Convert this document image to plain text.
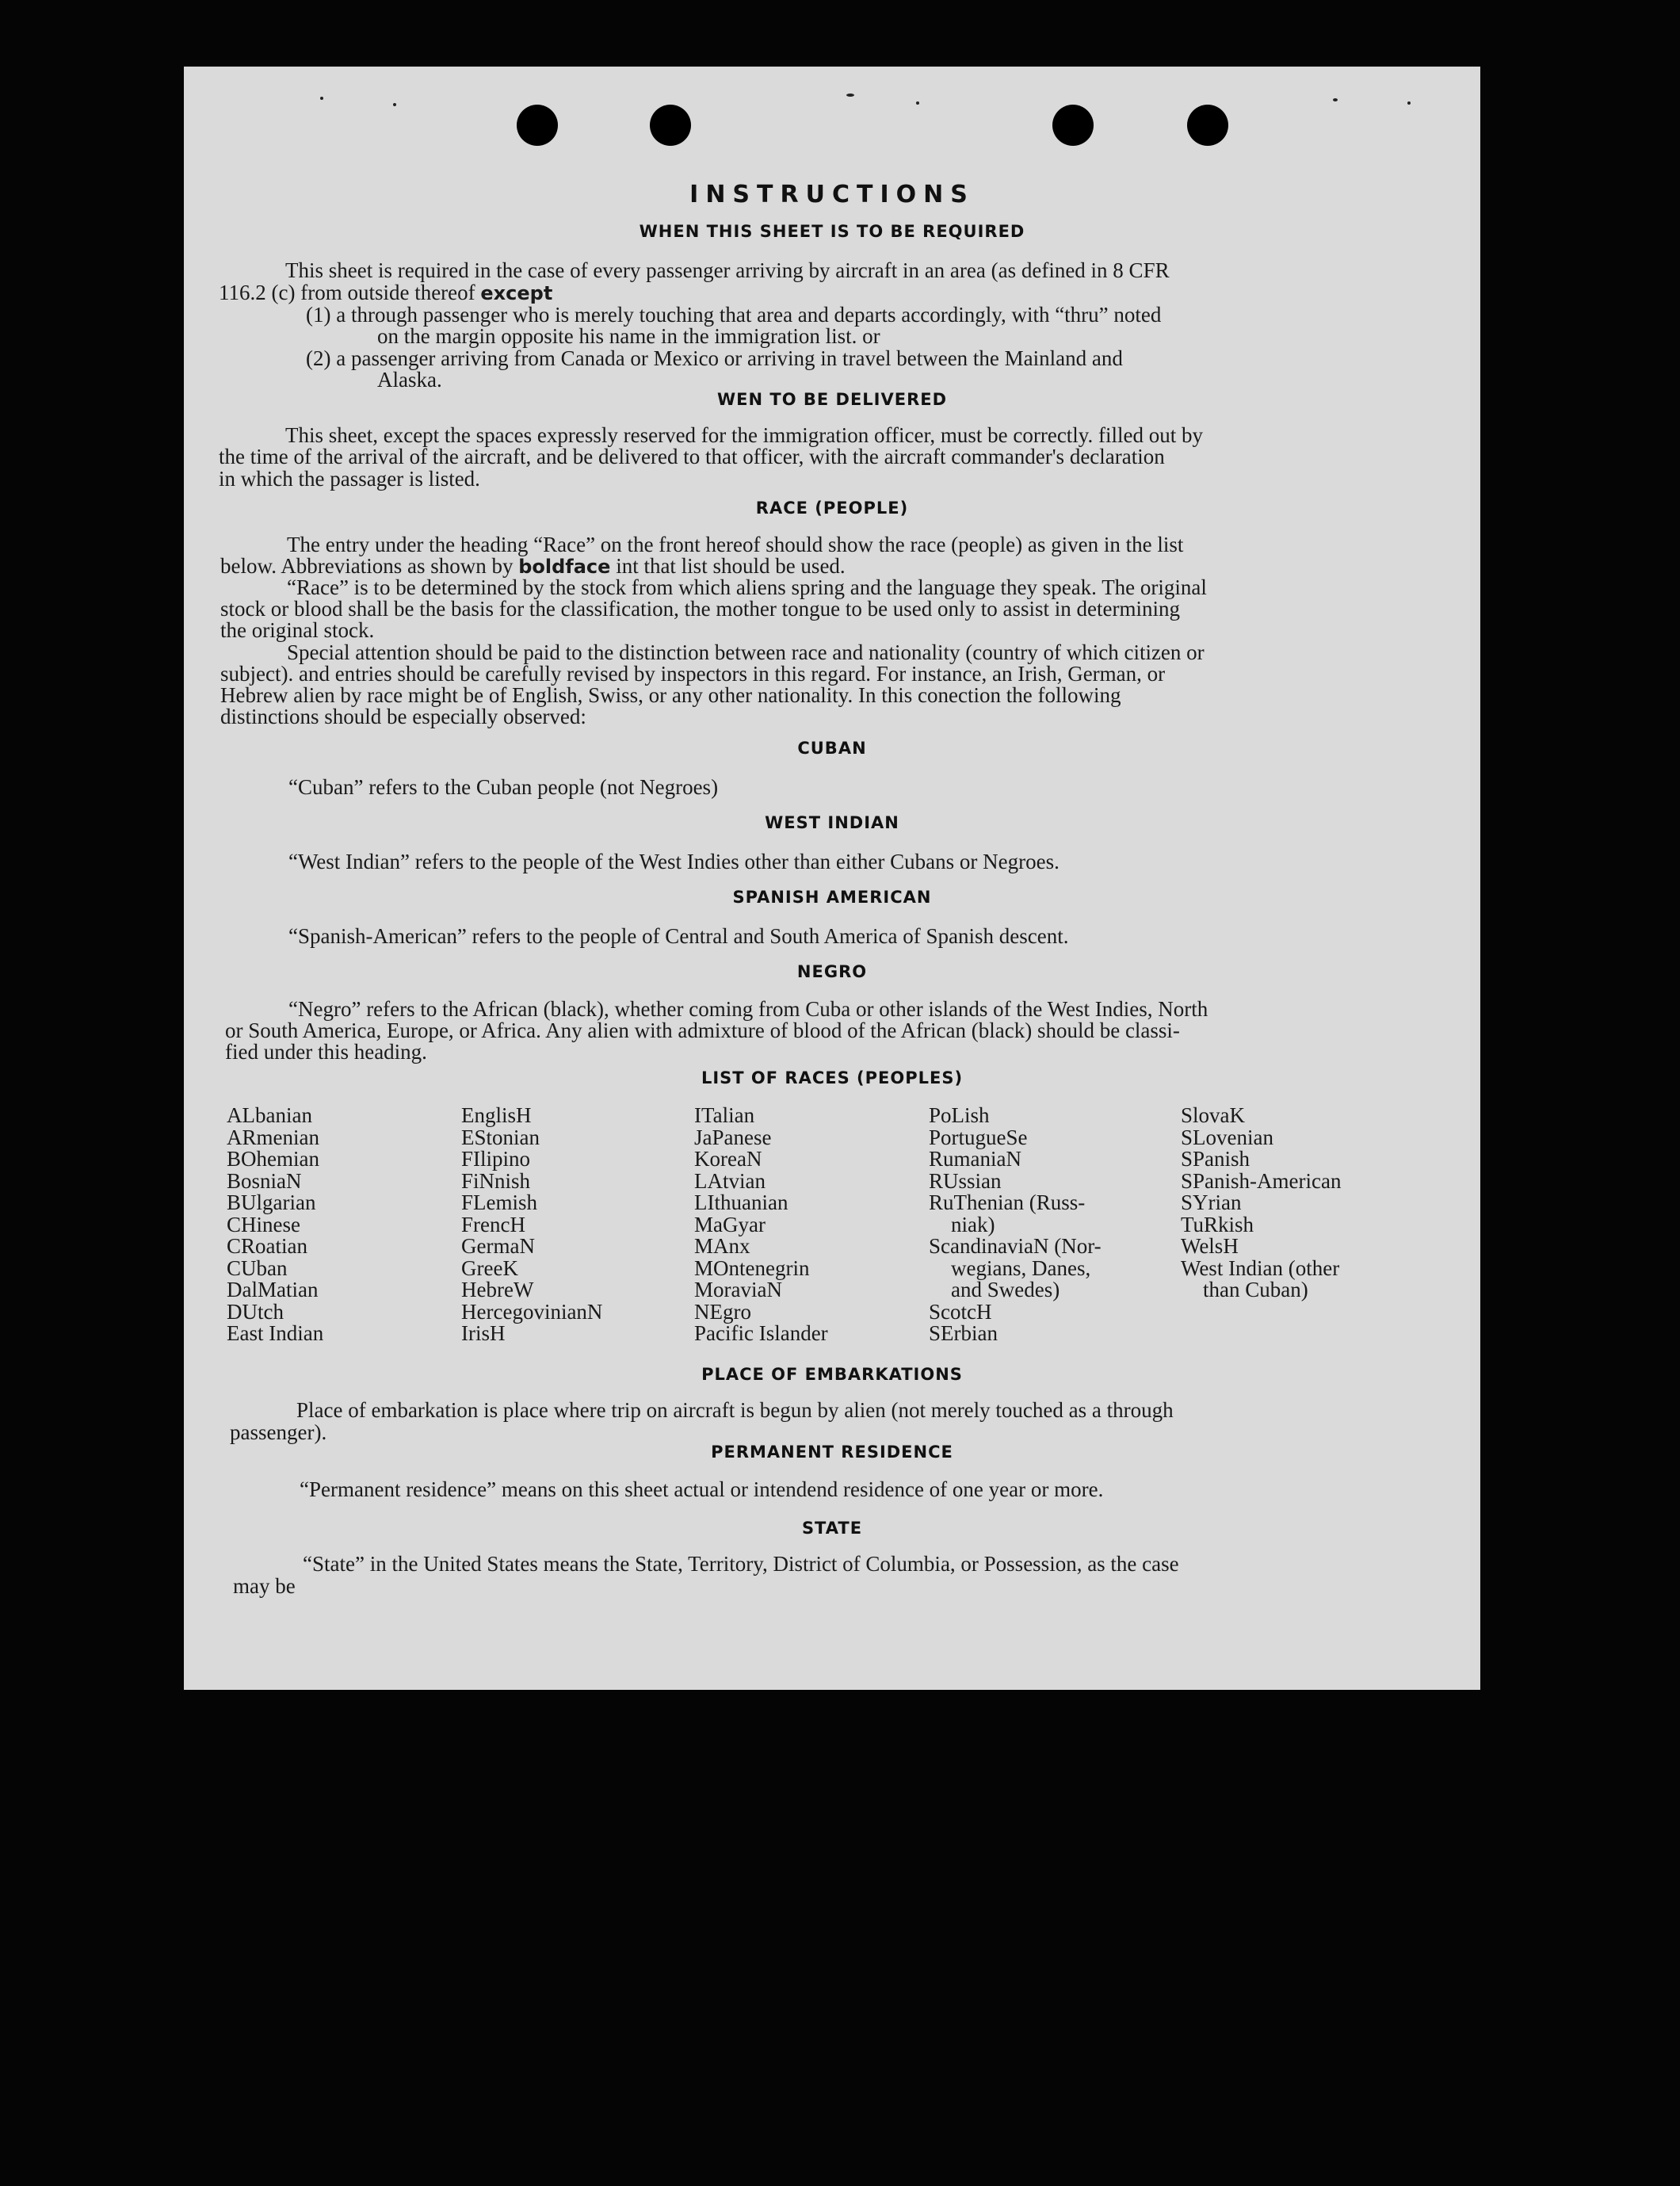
INSTRUCTIONS
WHEN THIS SHEET IS TO BE REQUIRED
This sheet is required in the case of every passenger arriving by aircraft in an area (as defined in 8 CFR
116.2 (c) from outside thereof except
(1) a through passenger who is merely touching that area and departs accordingly, with “thru” noted
on the margin opposite his name in the immigration list. or
(2) a passenger arriving from Canada or Mexico or arriving in travel between the Mainland and
Alaska.
WEN TO BE DELIVERED
This sheet, except the spaces expressly reserved for the immigration officer, must be correctly. filled out by
the time of the arrival of the aircraft, and be delivered to that officer, with the aircraft commander's declaration
in which the passager is listed.
RACE (PEOPLE)
The entry under the heading “Race” on the front hereof should show the race (people) as given in the list
below. Abbreviations as shown by boldface int that list should be used.
“Race” is to be determined by the stock from which aliens spring and the language they speak. The original
stock or blood shall be the basis for the classification, the mother tongue to be used only to assist in determining
the original stock.
Special attention should be paid to the distinction between race and nationality (country of which citizen or
subject). and entries should be carefully revised by inspectors in this regard. For instance, an Irish, German, or
Hebrew alien by race might be of English, Swiss, or any other nationality. In this conection the following
distinctions should be especially observed:
CUBAN
“Cuban” refers to the Cuban people (not Negroes)
WEST INDIAN
“West Indian” refers to the people of the West Indies other than either Cubans or Negroes.
SPANISH AMERICAN
“Spanish-American” refers to the people of Central and South America of Spanish descent.
NEGRO
“Negro” refers to the African (black), whether coming from Cuba or other islands of the West Indies, North
or South America, Europe, or Africa. Any alien with admixture of blood of the African (black) should be classi-
fied under this heading.
LIST OF RACES (PEOPLES)
ALbanian
ARmenian
BOhemian
BosniaN
BUlgarian
CHinese
CRoatian
CUban
DalMatian
DUtch
East Indian
EnglisH
EStonian
FIlipino
FiNnish
FLemish
FrencH
GermaN
GreeK
HebreW
HercegovinianN
IrisH
ITalian
JaPanese
KoreaN
LAtvian
LIthuanian
MaGyar
MAnx
MOntenegrin
MoraviaN
NEgro
Pacific Islander
PoLish
PortugueSe
RumaniaN
RUssian
RuThenian (Russ-
niak)
ScandinaviaN (Nor-
wegians, Danes,
and Swedes)
ScotcH
SErbian
SlovaK
SLovenian
SPanish
SPanish-American
SYrian
TuRkish
WelsH
West Indian (other
than Cuban)
PLACE OF EMBARKATIONS
Place of embarkation is place where trip on aircraft is begun by alien (not merely touched as a through
passenger).
PERMANENT RESIDENCE
“Permanent residence” means on this sheet actual or intendend residence of one year or more.
STATE
“State” in the United States means the State, Territory, District of Columbia, or Possession, as the case
may be
